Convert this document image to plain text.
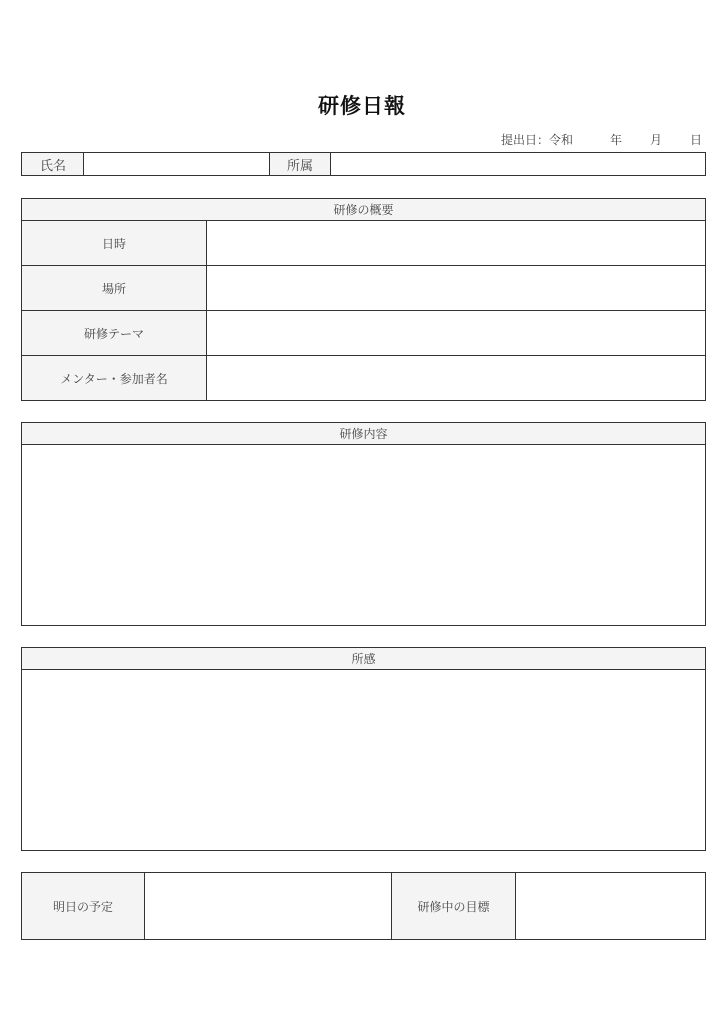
研修日報
提出日：令和	年 月 日
氏名	所属
研修の概要
日時
場所
研修テーマ
メンター・参加者名
研修内容
所感
明日の予定	研修中の目標
